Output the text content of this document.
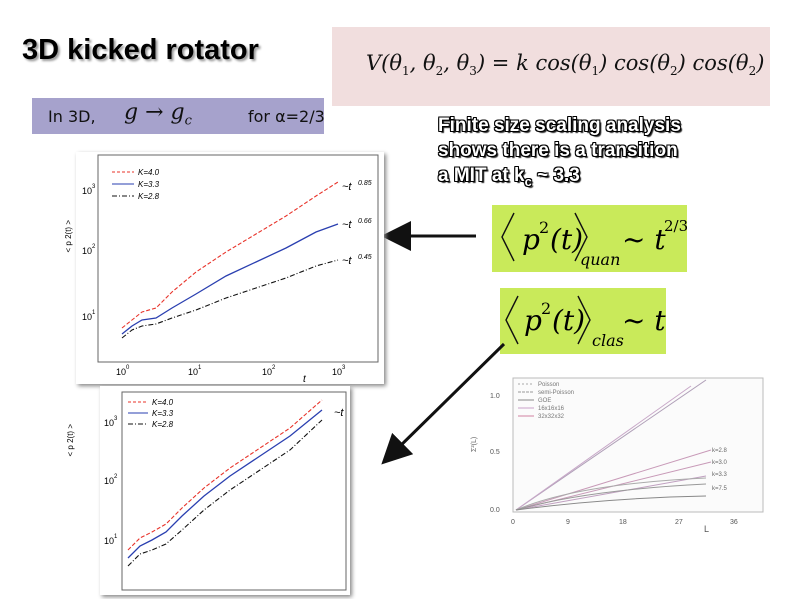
3D kicked rotator
In 3D, $g \to g_c$	for α=2/3
$V(\theta_1$, $\theta_2$, $\theta_3) = k$ $\cos(\theta_1)$ $\cos(\theta_2)$ $\cos(\theta_2)$
Finite size scaling analysis
shows there is a transition
a MIT at $k_c$ ~ 3.3
p 2 (t)
quan
~ t
2/3
p 2 (t)
clas
~ t
K=4.0
K=3.3
K=2.8
~t 0.85
~t 0.66
~t 0.45
10 3
10 2
10 1
10 0	10 1	10 2	10 3
t
< p 2(t) >
K=4.0
K=3.3
K=2.8
~t
10 3
10 2
10 1
< p 2(t) >
1.0
0.5
0.0
Σ²(L)
0	9	18	27	36
L
Poisson
semi-Poisson
GOE
16x16x16
32x32x32
k=2.8
k=3.0
k=3.3
k=7.5
